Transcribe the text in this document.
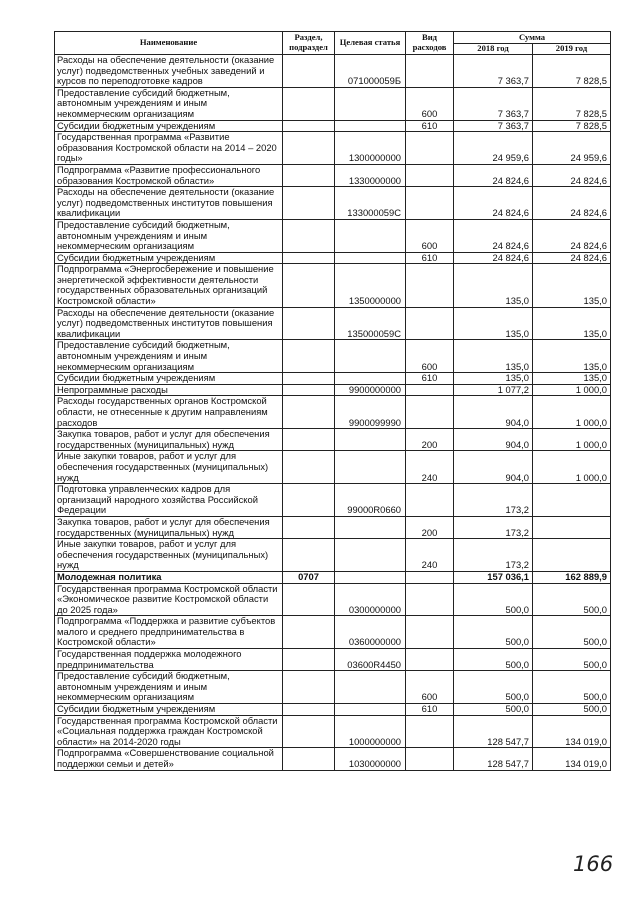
Наименование	Раздел, подраздел	Целевая статья	Вид расходов	Сумма	
				2018 год	2019 год
Расходы на обеспечение деятельности (оказание услуг) подведомственных учебных заведений и курсов по переподготовке кадров		071000059Б		7 363,7	7 828,5
Предоставление субсидий бюджетным, автономным учреждениям и иным некоммерческим организациям			600	7 363,7	7 828,5
Субсидии бюджетным учреждениям			610	7 363,7	7 828,5
Государственная программа «Развитие образования Костромской области на 2014 – 2020 годы»		1300000000		24 959,6	24 959,6
Подпрограмма «Развитие профессионального образования Костромской области»		1330000000		24 824,6	24 824,6
Расходы на обеспечение деятельности (оказание услуг) подведомственных институтов повышения квалификации		133000059С		24 824,6	24 824,6
Предоставление субсидий бюджетным, автономным учреждениям и иным некоммерческим организациям			600	24 824,6	24 824,6
Субсидии бюджетным учреждениям			610	24 824,6	24 824,6
Подпрограмма «Энергосбережение и повышение энергетической эффективности деятельности государственных образовательных организаций Костромской области»		1350000000		135,0	135,0
Расходы на обеспечение деятельности (оказание услуг) подведомственных институтов повышения квалификации		135000059С		135,0	135,0
Предоставление субсидий бюджетным, автономным учреждениям и иным некоммерческим организациям			600	135,0	135,0
Субсидии бюджетным учреждениям			610	135,0	135,0
Непрограммные расходы		9900000000		1 077,2	1 000,0
Расходы государственных органов Костромской области, не отнесенные к другим направлениям расходов		9900099990		904,0	1 000,0
Закупка товаров, работ и услуг для обеспечения государственных (муниципальных) нужд			200	904,0	1 000,0
Иные закупки товаров, работ и услуг для обеспечения государственных (муниципальных) нужд			240	904,0	1 000,0
Подготовка управленческих кадров для организаций народного хозяйства Российской Федерации		99000R0660		173,2	
Закупка товаров, работ и услуг для обеспечения государственных (муниципальных) нужд			200	173,2	
Иные закупки товаров, работ и услуг для обеспечения государственных (муниципальных) нужд			240	173,2	
Молодежная политика	0707			157 036,1	162 889,9
Государственная программа Костромской области «Экономическое развитие Костромской области до 2025 года»		0300000000		500,0	500,0
Подпрограмма «Поддержка и развитие субъектов малого и среднего предпринимательства в Костромской области»		0360000000		500,0	500,0
Государственная поддержка молодежного предпринимательства		03600R4450		500,0	500,0
Предоставление субсидий бюджетным, автономным учреждениям и иным некоммерческим организациям			600	500,0	500,0
Субсидии бюджетным учреждениям			610	500,0	500,0
Государственная программа Костромской области «Социальная поддержка граждан Костромской области» на 2014-2020 годы		1000000000		128 547,7	134 019,0
Подпрограмма «Совершенствование социальной поддержки семьи и детей»		1030000000		128 547,7	134 019,0
166
